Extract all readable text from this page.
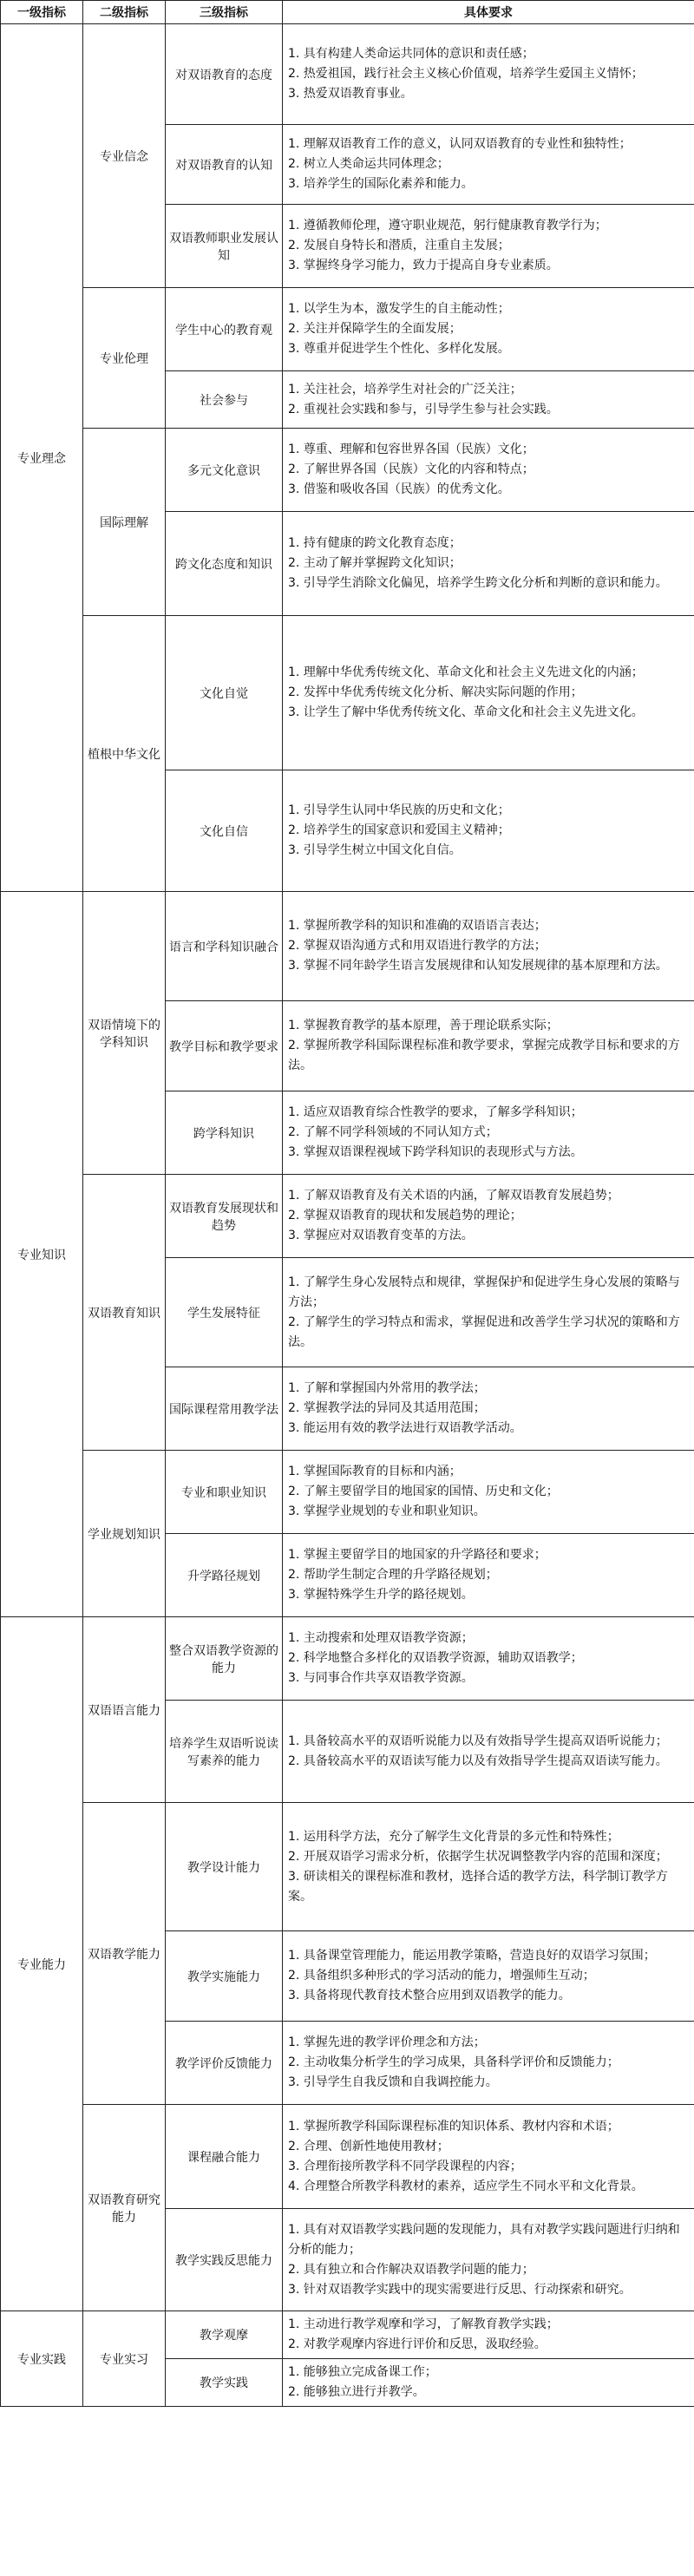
一级指标	二级指标	三级指标	具体要求
专业理念	专业信念	对双语教育的态度	1. 具有构建人类命运共同体的意识和责任感；
2. 热爱祖国，践行社会主义核心价值观，培养学生爱国主义情怀；
3. 热爱双语教育事业。

		对双语教育的认知	1. 理解双语教育工作的意义，认同双语教育的专业性和独特性；
2. 树立人类命运共同体理念；
3. 培养学生的国际化素养和能力。

		双语教师职业发展认知	1. 遵循教师伦理，遵守职业规范，躬行健康教育教学行为；
2. 发展自身特长和潜质，注重自主发展；
3. 掌握终身学习能力，致力于提高自身专业素质。

	专业伦理	学生中心的教育观	1. 以学生为本，激发学生的自主能动性；
2. 关注并保障学生的全面发展；
3. 尊重并促进学生个性化、多样化发展。

		社会参与	1. 关注社会，培养学生对社会的广泛关注；
2. 重视社会实践和参与，引导学生参与社会实践。

	国际理解	多元文化意识	1. 尊重、理解和包容世界各国（民族）文化；
2. 了解世界各国（民族）文化的内容和特点；
3. 借鉴和吸收各国（民族）的优秀文化。

		跨文化态度和知识	1. 持有健康的跨文化教育态度；
2. 主动了解并掌握跨文化知识；
3. 引导学生消除文化偏见，培养学生跨文化分析和判断的意识和能力。

	植根中华文化	文化自觉	1. 理解中华优秀传统文化、革命文化和社会主义先进文化的内涵；
2. 发挥中华优秀传统文化分析、解决实际问题的作用；
3. 让学生了解中华优秀传统文化、革命文化和社会主义先进文化。

		文化自信	1. 引导学生认同中华民族的历史和文化；
2. 培养学生的国家意识和爱国主义精神；
3. 引导学生树立中国文化自信。

专业知识	双语情境下的学科知识	语言和学科知识融合	1. 掌握所教学科的知识和准确的双语语言表达；
2. 掌握双语沟通方式和用双语进行教学的方法；
3. 掌握不同年龄学生语言发展规律和认知发展规律的基本原理和方法。

		教学目标和教学要求	1. 掌握教育教学的基本原理，善于理论联系实际；
2. 掌握所教学科国际课程标准和教学要求，掌握完成教学目标和要求的方法。

		跨学科知识	1. 适应双语教育综合性教学的要求，了解多学科知识；
2. 了解不同学科领域的不同认知方式；
3. 掌握双语课程视域下跨学科知识的表现形式与方法。

	双语教育知识	双语教育发展现状和趋势	1. 了解双语教育及有关术语的内涵，了解双语教育发展趋势；
2. 掌握双语教育的现状和发展趋势的理论；
3. 掌握应对双语教育变革的方法。

		学生发展特征	1. 了解学生身心发展特点和规律，掌握保护和促进学生身心发展的策略与方法；
2. 了解学生的学习特点和需求，掌握促进和改善学生学习状况的策略和方法。

		国际课程常用教学法	1. 了解和掌握国内外常用的教学法；
2. 掌握教学法的异同及其适用范围；
3. 能运用有效的教学法进行双语教学活动。

	学业规划知识	专业和职业知识	1. 掌握国际教育的目标和内涵；
2. 了解主要留学目的地国家的国情、历史和文化；
3. 掌握学业规划的专业和职业知识。

		升学路径规划	1. 掌握主要留学目的地国家的升学路径和要求；
2. 帮助学生制定合理的升学路径规划；
3. 掌握特殊学生升学的路径规划。

专业能力	双语语言能力	整合双语教学资源的能力	1. 主动搜索和处理双语教学资源；
2. 科学地整合多样化的双语教学资源，辅助双语教学；
3. 与同事合作共享双语教学资源。

		培养学生双语听说读写素养的能力	1. 具备较高水平的双语听说能力以及有效指导学生提高双语听说能力；
2. 具备较高水平的双语读写能力以及有效指导学生提高双语读写能力。

	双语教学能力	教学设计能力	1. 运用科学方法，充分了解学生文化背景的多元性和特殊性；
2. 开展双语学习需求分析，依据学生状况调整教学内容的范围和深度；
3. 研读相关的课程标准和教材，选择合适的教学方法，科学制订教学方案。

		教学实施能力	1. 具备课堂管理能力，能运用教学策略，营造良好的双语学习氛围；
2. 具备组织多种形式的学习活动的能力，增强师生互动；
3. 具备将现代教育技术整合应用到双语教学的能力。

		教学评价反馈能力	1. 掌握先进的教学评价理念和方法；
2. 主动收集分析学生的学习成果，具备科学评价和反馈能力；
3. 引导学生自我反馈和自我调控能力。

	双语教育研究能力	课程融合能力	1. 掌握所教学科国际课程标准的知识体系、教材内容和术语；
2. 合理、创新性地使用教材；
3. 合理衔接所教学科不同学段课程的内容；
4. 合理整合所教学科教材的素养，适应学生不同水平和文化背景。

		教学实践反思能力	1. 具有对双语教学实践问题的发现能力，具有对教学实践问题进行归纳和分析的能力；
2. 具有独立和合作解决双语教学问题的能力；
3. 针对双语教学实践中的现实需要进行反思、行动探索和研究。

专业实践	专业实习	教学观摩	1. 主动进行教学观摩和学习，了解教育教学实践；
2. 对教学观摩内容进行评价和反思，汲取经验。

		教学实践	1. 能够独立完成备课工作；
2. 能够独立进行并教学。
